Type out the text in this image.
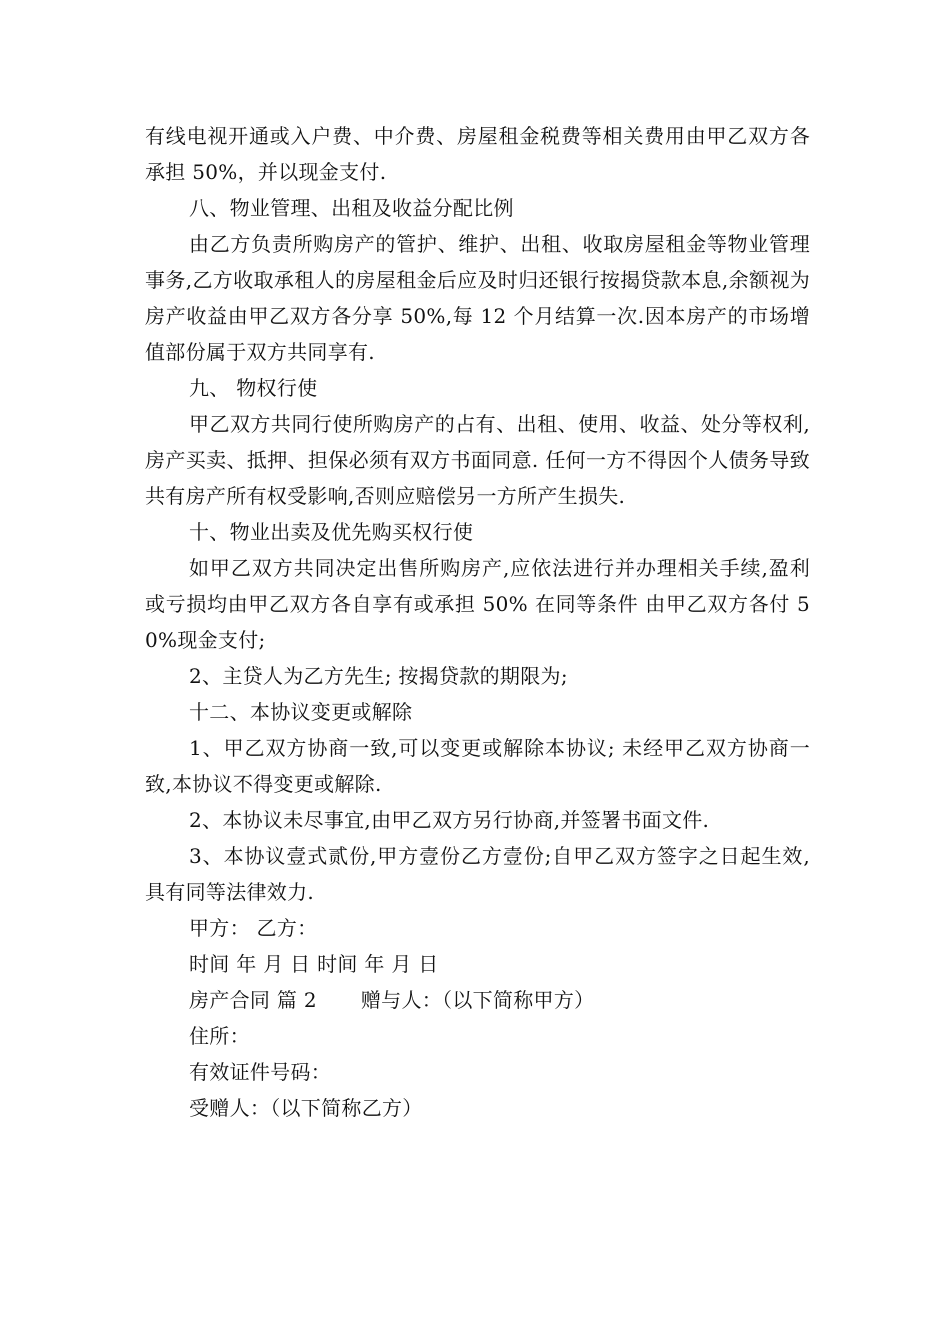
有线电视开通或入户费、中介费、房屋租金税费等相关费用由甲乙双方各承担 50%，并以现金支付.

八、物业管理、出租及收益分配比例

由乙方负责所购房产的管护、维护、出租、收取房屋租金等物业管理事务,乙方收取承租人的房屋租金后应及时归还银行按揭贷款本息,余额视为房产收益由甲乙双方各分享 50%,每 12 个月结算一次.因本房产的市场增值部份属于双方共同享有.

九、 物权行使

甲乙双方共同行使所购房产的占有、出租、使用、收益、处分等权利, 房产买卖、抵押、担保必须有双方书面同意. 任何一方不得因个人债务导致共有房产所有权受影响,否则应赔偿另一方所产生损失.

十、物业出卖及优先购买权行使

如甲乙双方共同决定出售所购房产,应依法进行并办理相关手续,盈利或亏损均由甲乙双方各自享有或承担 50% 在同等条件 由甲乙双方各付 50%现金支付;

2、主贷人为乙方先生; 按揭贷款的期限为;

十二、本协议变更或解除

1、甲乙双方协商一致,可以变更或解除本协议; 未经甲乙双方协商一致,本协议不得变更或解除.

2、本协议未尽事宜,由甲乙双方另行协商,并签署书面文件.

3、本协议壹式贰份,甲方壹份乙方壹份;自甲乙双方签字之日起生效,具有同等法律效力.

甲方： 乙方：

时间 年 月 日 时间 年 月 日

房产合同 篇 2 赠与人：（以下简称甲方）

住所：

有效证件号码：

受赠人：（以下简称乙方）
